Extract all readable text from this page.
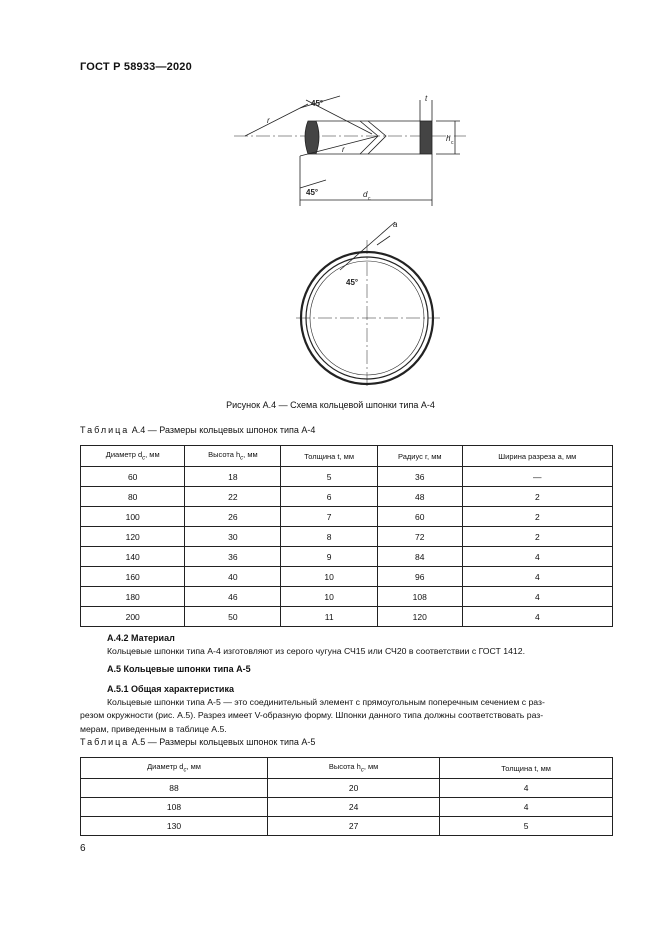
ГОСТ Р 58933—2020
45°
45°
r
r
t
h c
d c
45°
a
Рисунок А.4 — Схема кольцевой шпонки типа А-4
Таблица А.4 — Размеры кольцевых шпонок типа А-4
Диаметр $d_c$, мм	Высота $h_c$, мм	Толщина t, мм	Радиус r, мм	Ширина разреза a, мм
60	18	5	36	—
80	22	6	48	2
100	26	7	60	2
120	30	8	72	2
140	36	9	84	4
160	40	10	96	4
180	46	10	108	4
200	50	11	120	4
А.4.2 Материал
Кольцевые шпонки типа А-4 изготовляют из серого чугуна СЧ15 или СЧ20 в соответствии с ГОСТ 1412.
А.5 Кольцевые шпонки типа А-5
А.5.1 Общая характеристика
Кольцевые шпонки типа А-5 — это соединительный элемент с прямоугольным поперечным сечением с раз-
резом окружности (рис. А.5). Разрез имеет V-образную форму. Шпонки данного типа должны соответствовать раз-
мерам, приведенным в таблице А.5.
Таблица А.5 — Размеры кольцевых шпонок типа А-5
Диаметр $d_c$, мм	Высота $h_c$, мм	Толщина t, мм
88	20	4
108	24	4
130	27	5
6
